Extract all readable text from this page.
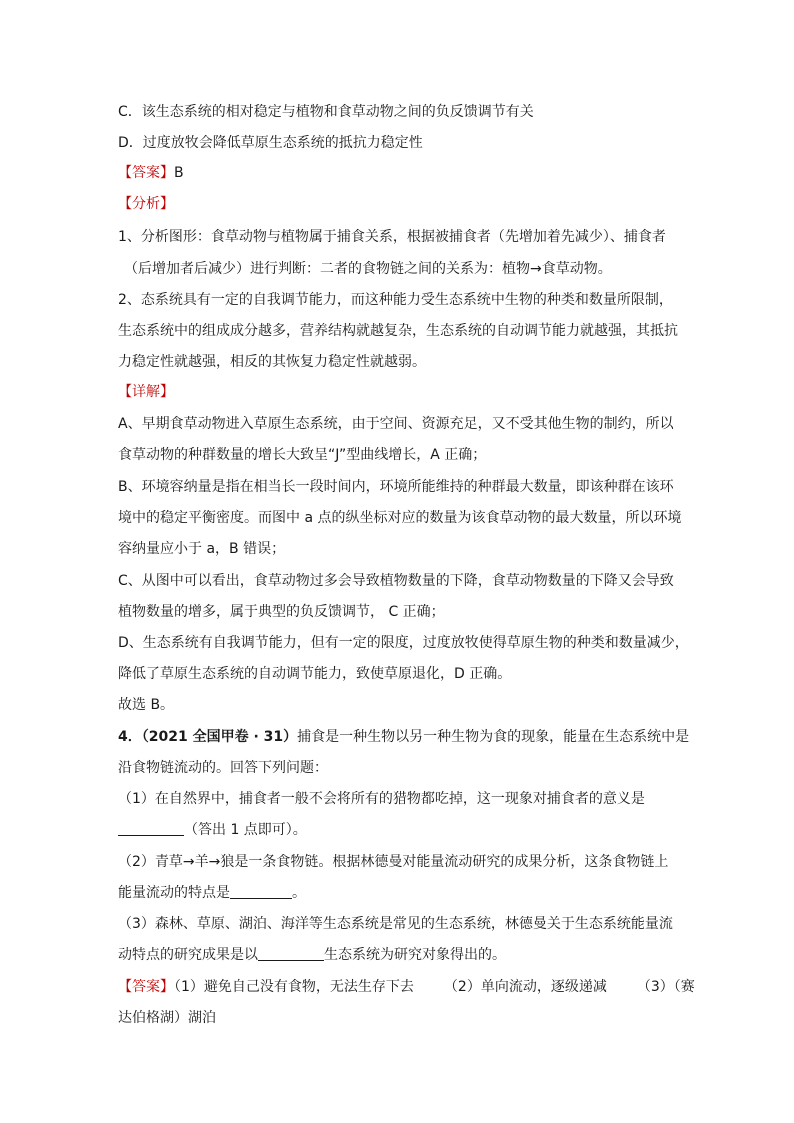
C．该生态系统的相对稳定与植物和食草动物之间的负反馈调节有关
D．过度放牧会降低草原生态系统的抵抗力稳定性
【答案】B
【分析】
1、分析图形：食草动物与植物属于捕食关系，根据被捕食者（先增加着先减少）、捕食者
（后增加者后减少）进行判断：二者的食物链之间的关系为：植物→食草动物。
2、态系统具有一定的自我调节能力，而这种能力受生态系统中生物的种类和数量所限制，
生态系统中的组成成分越多，营养结构就越复杂，生态系统的自动调节能力就越强，其抵抗
力稳定性就越强，相反的其恢复力稳定性就越弱。
【详解】
A、早期食草动物进入草原生态系统，由于空间、资源充足，又不受其他生物的制约，所以
食草动物的种群数量的增长大致呈“J”型曲线增长，A 正确；
B、环境容纳量是指在相当长一段时间内，环境所能维持的种群最大数量，即该种群在该环
境中的稳定平衡密度。而图中 a 点的纵坐标对应的数量为该食草动物的最大数量，所以环境
容纳量应小于 a，B 错误；
C、从图中可以看出，食草动物过多会导致植物数量的下降，食草动物数量的下降又会导致
植物数量的增多，属于典型的负反馈调节， C 正确；
D、生态系统有自我调节能力，但有一定的限度，过度放牧使得草原生物的种类和数量减少，
降低了草原生态系统的自动调节能力，致使草原退化，D 正确。
故选 B。
4．（2021 全国甲卷 · 31）捕食是一种生物以另一种生物为食的现象，能量在生态系统中是
沿食物链流动的。回答下列问题：
（1）在自然界中，捕食者一般不会将所有的猎物都吃掉，这一现象对捕食者的意义是
（答出 1 点即可）。
（2）青草→羊→狼是一条食物链。根据林德曼对能量流动研究的成果分析，这条食物链上
能量流动的特点是	。
（3）森林、草原、湖泊、海洋等生态系统是常见的生态系统，林德曼关于生态系统能量流
动特点的研究成果是以	生态系统为研究对象得出的。
【答案】（1）避免自己没有食物，无法生存下去 （2）单向流动，逐级递减 （3）（赛
达伯格湖）湖泊
